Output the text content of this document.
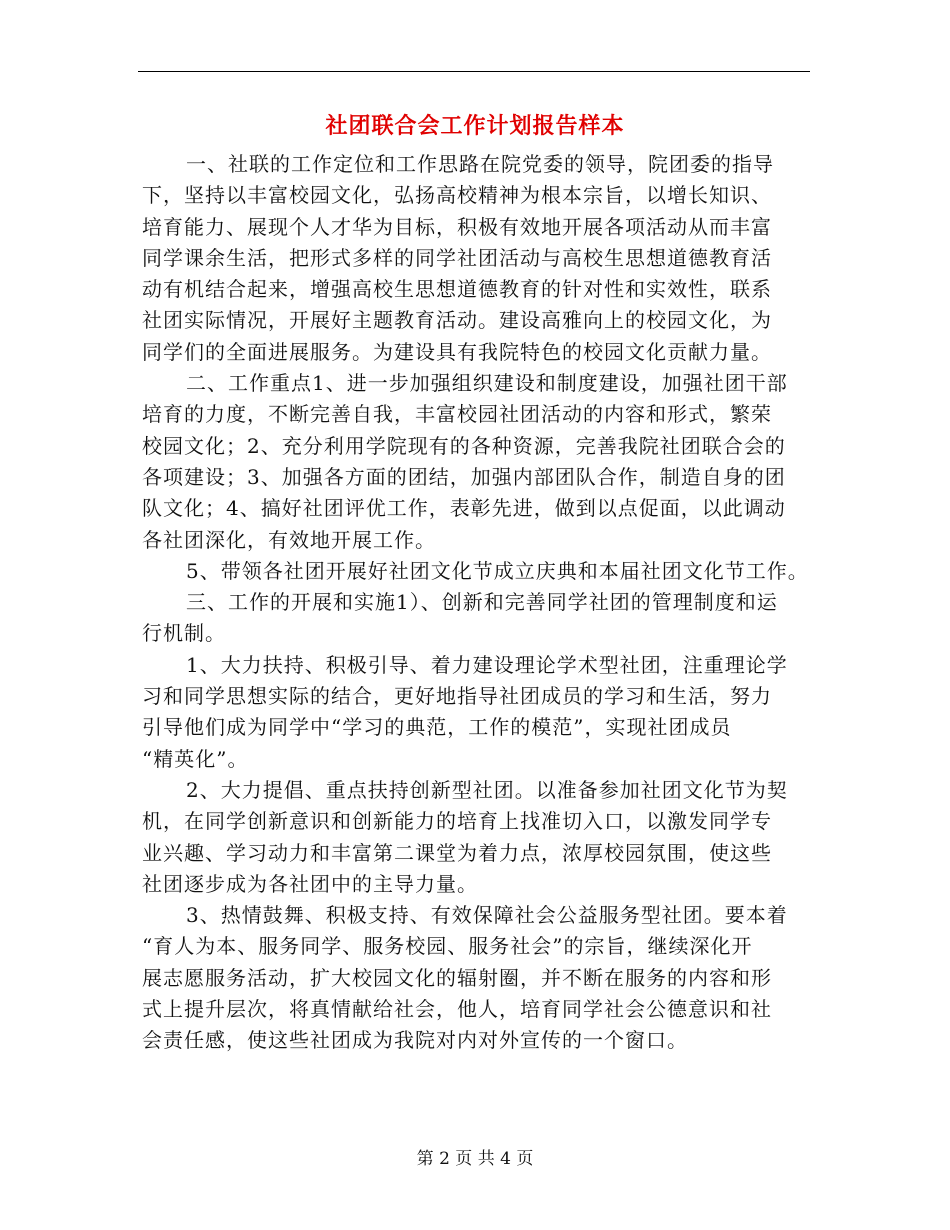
社团联合会工作计划报告样本
一、社联的工作定位和工作思路在院党委的领导，院团委的指导
下，坚持以丰富校园文化，弘扬高校精神为根本宗旨，以增长知识、
培育能力、展现个人才华为目标，积极有效地开展各项活动从而丰富
同学课余生活，把形式多样的同学社团活动与高校生思想道德教育活
动有机结合起来，增强高校生思想道德教育的针对性和实效性，联系
社团实际情况，开展好主题教育活动。建设高雅向上的校园文化，为
同学们的全面进展服务。为建设具有我院特色的校园文化贡献力量。
二、工作重点1、进一步加强组织建设和制度建设，加强社团干部
培育的力度，不断完善自我，丰富校园社团活动的内容和形式，繁荣
校园文化；2、充分利用学院现有的各种资源，完善我院社团联合会的
各项建设；3、加强各方面的团结，加强内部团队合作，制造自身的团
队文化；4、搞好社团评优工作，表彰先进，做到以点促面，以此调动
各社团深化，有效地开展工作。
5、带领各社团开展好社团文化节成立庆典和本届社团文化节工作。
三、工作的开展和实施1）、创新和完善同学社团的管理制度和运
行机制。
1、大力扶持、积极引导、着力建设理论学术型社团，注重理论学
习和同学思想实际的结合，更好地指导社团成员的学习和生活，努力
引导他们成为同学中“学习的典范，工作的模范”，实现社团成员
“精英化”。
2、大力提倡、重点扶持创新型社团。以准备参加社团文化节为契
机，在同学创新意识和创新能力的培育上找准切入口，以激发同学专
业兴趣、学习动力和丰富第二课堂为着力点，浓厚校园氛围，使这些
社团逐步成为各社团中的主导力量。
3、热情鼓舞、积极支持、有效保障社会公益服务型社团。要本着
“育人为本、服务同学、服务校园、服务社会”的宗旨，继续深化开
展志愿服务活动，扩大校园文化的辐射圈，并不断在服务的内容和形
式上提升层次，将真情献给社会，他人，培育同学社会公德意识和社
会责任感，使这些社团成为我院对内对外宣传的一个窗口。
第 2 页 共 4 页
